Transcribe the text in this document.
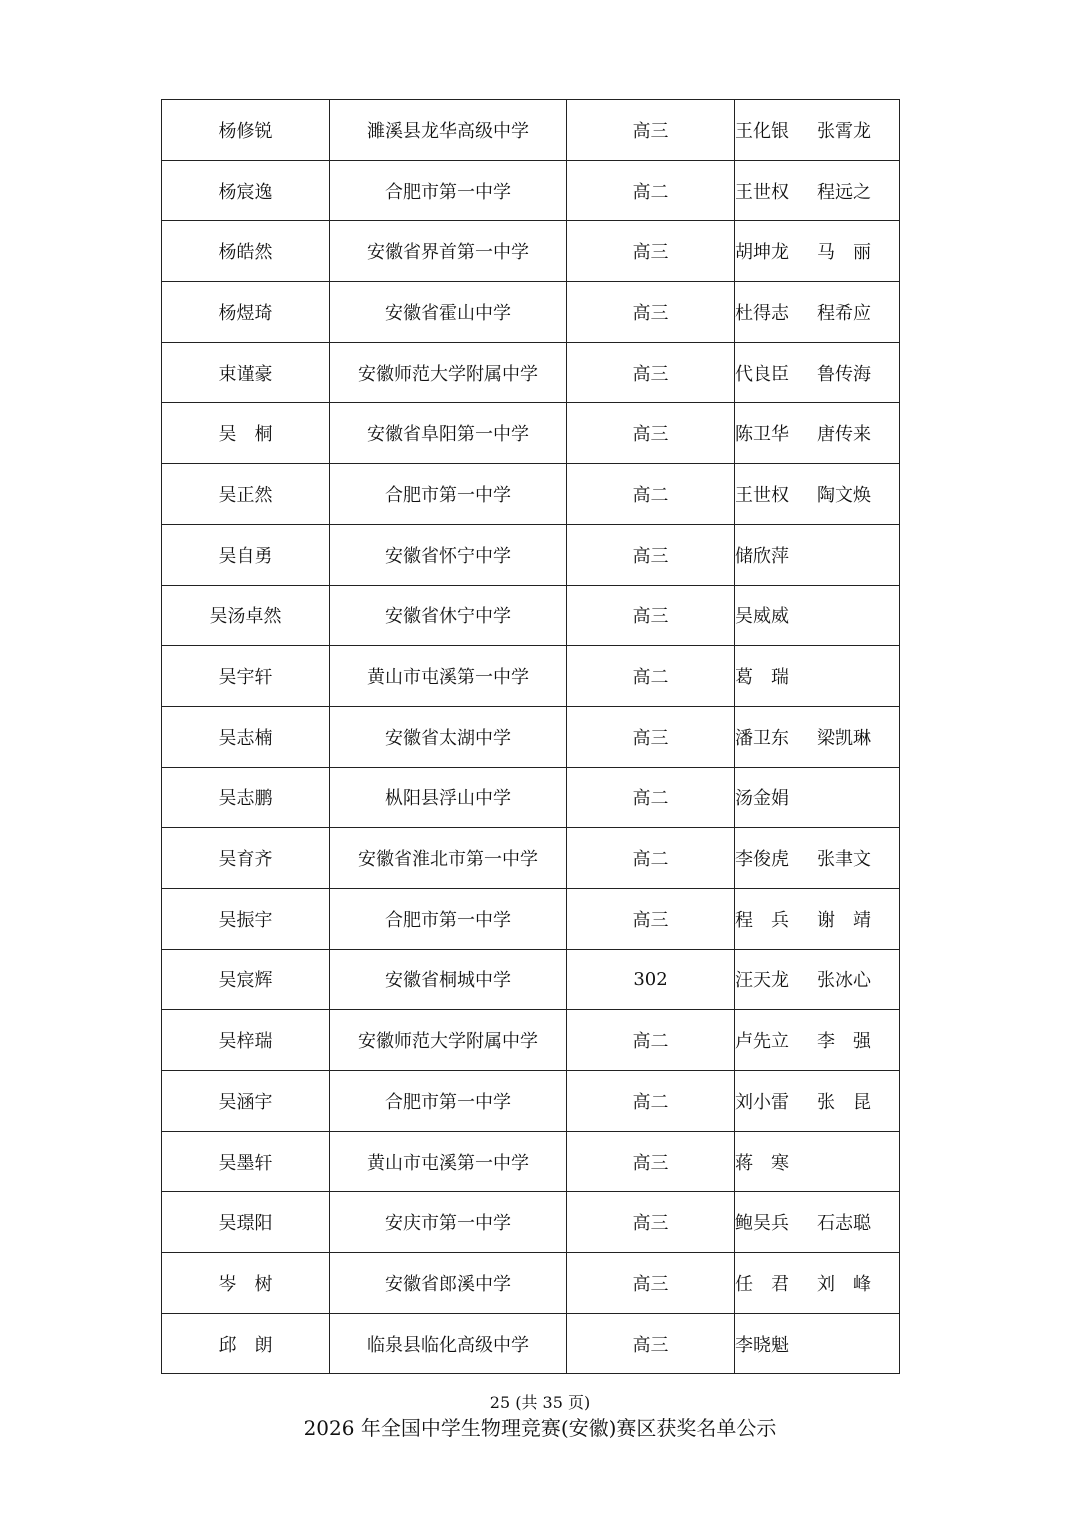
杨修锐	濉溪县龙华高级中学	高三	王化银 张霄龙
杨宸逸	合肥市第一中学	高二	王世权 程远之
杨皓然	安徽省界首第一中学	高三	胡坤龙 马　丽
杨煜琦	安徽省霍山中学	高三	杜得志 程希应
束谨豪	安徽师范大学附属中学	高三	代良臣 鲁传海
吴　桐	安徽省阜阳第一中学	高三	陈卫华 唐传来
吴正然	合肥市第一中学	高二	王世权 陶文焕
吴自勇	安徽省怀宁中学	高三	储欣萍
吴汤卓然	安徽省休宁中学	高三	吴威威
吴宇轩	黄山市屯溪第一中学	高二	葛　瑞
吴志楠	安徽省太湖中学	高三	潘卫东 梁凯琳
吴志鹏	枞阳县浮山中学	高二	汤金娟
吴育齐	安徽省淮北市第一中学	高二	李俊虎 张聿文
吴振宇	合肥市第一中学	高三	程　兵 谢　靖
吴宸辉	安徽省桐城中学	302	汪天龙 张冰心
吴梓瑞	安徽师范大学附属中学	高二	卢先立 李　强
吴涵宇	合肥市第一中学	高二	刘小雷 张　昆
吴墨轩	黄山市屯溪第一中学	高三	蒋　寒
吴璟阳	安庆市第一中学	高三	鲍吴兵 石志聪
岑　树	安徽省郎溪中学	高三	任　君 刘　峰
邱　朗	临泉县临化高级中学	高三	李晓魁
25 (共 35 页)
2026 年全国中学生物理竞赛(安徽)赛区获奖名单公示
